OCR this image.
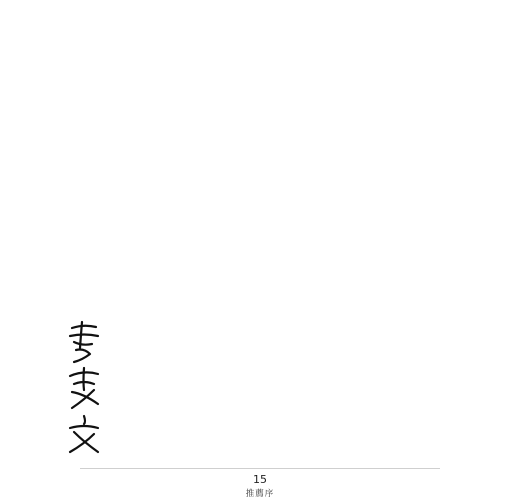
15
推薦序
